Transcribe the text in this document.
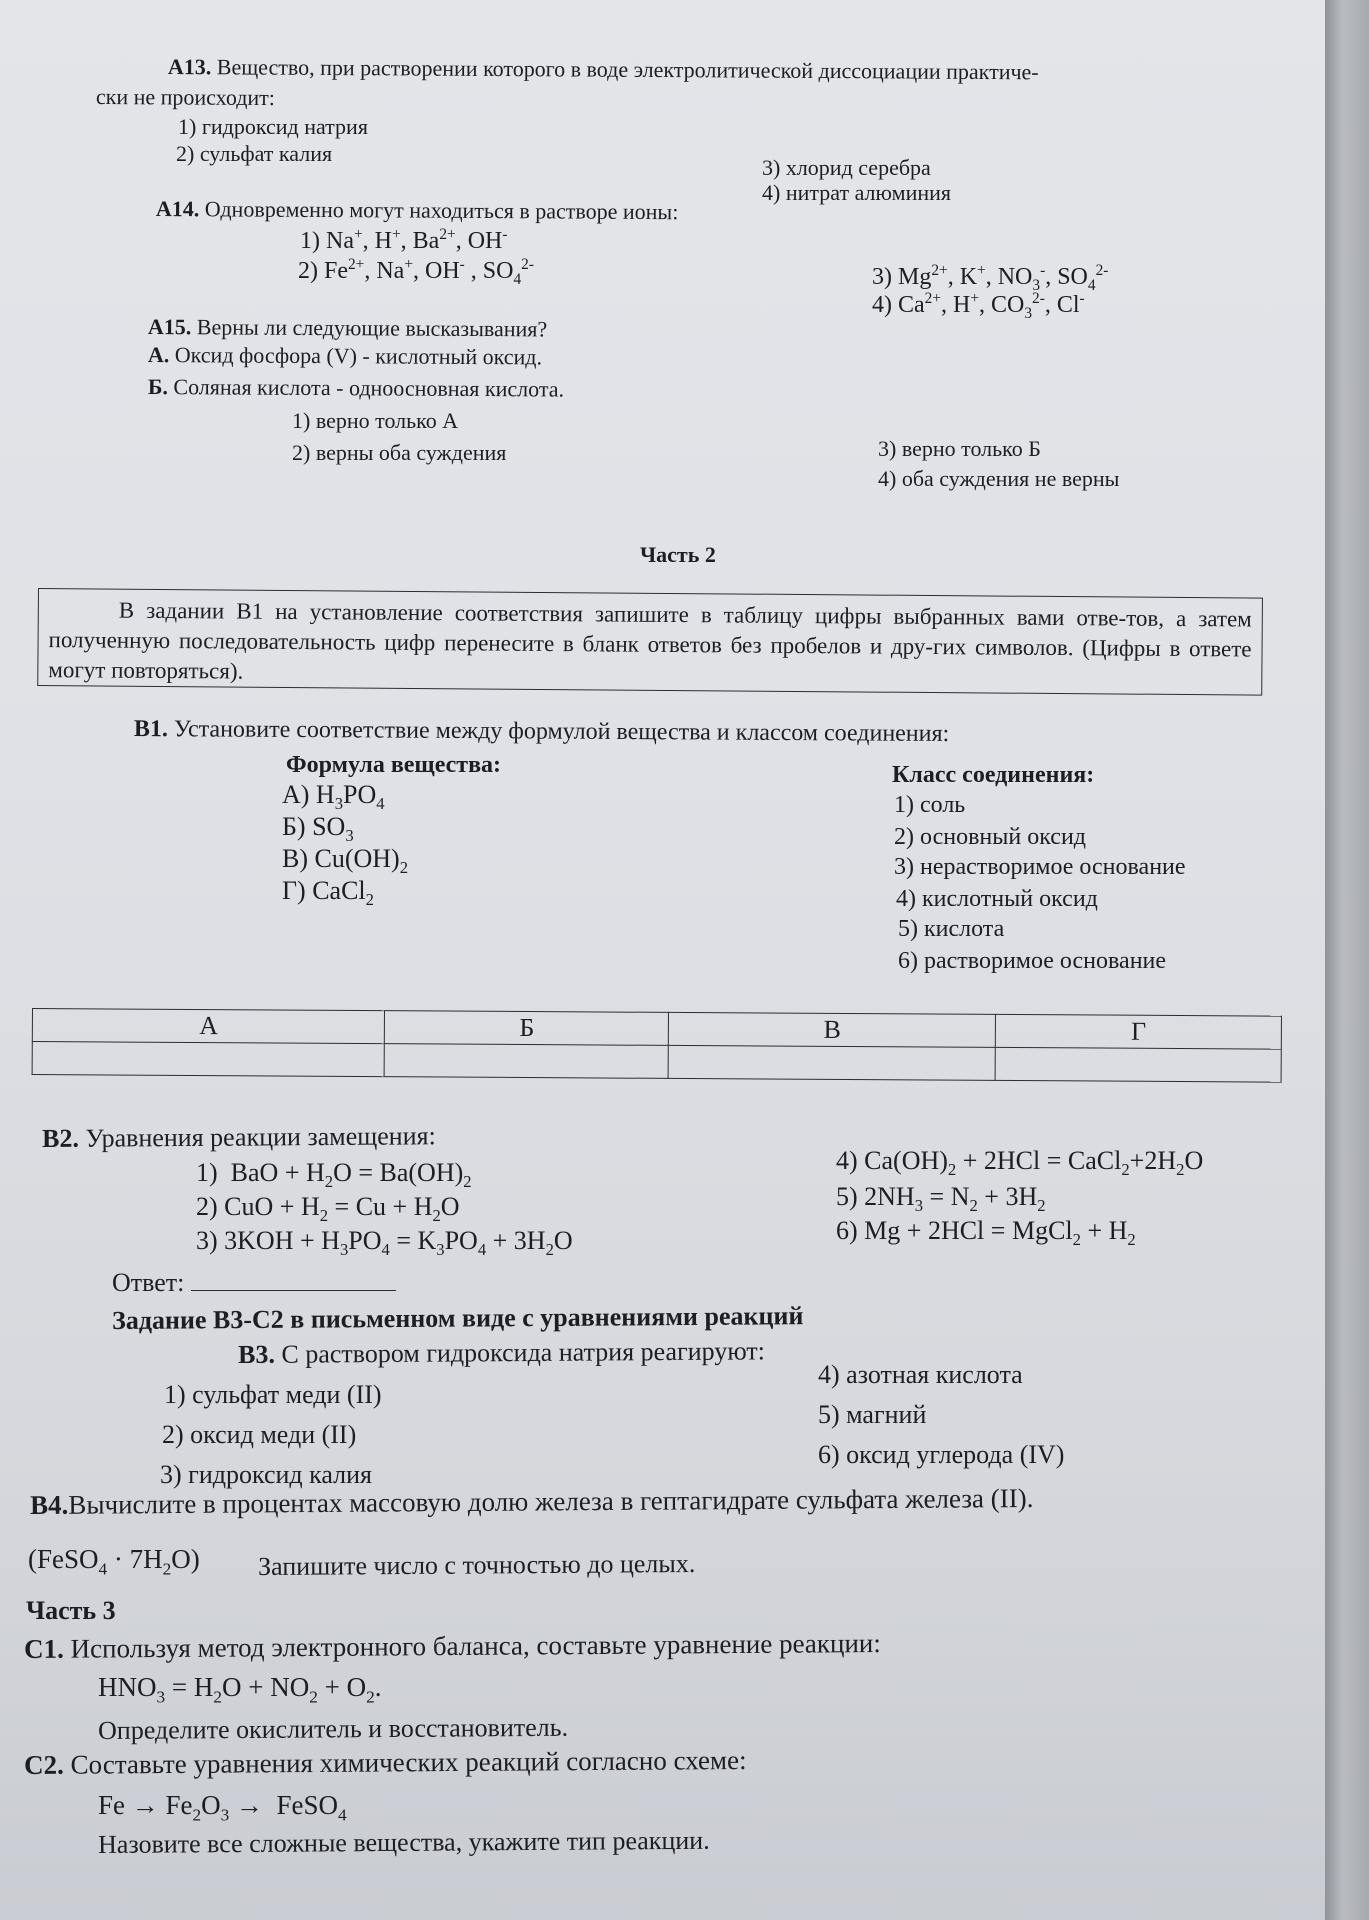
А13. Вещество, при растворении которого в воде электролитической диссоциации практиче-
ски не происходит:
1) гидроксид натрия
2) сульфат калия
3) хлорид серебра
4) нитрат алюминия
А14. Одновременно могут находиться в растворе ионы:
1) Na+, H+, $Ba^{2+}$, OH-
2) $Fe^{2+}$, Na+, OH- , $SO_4^{2-}$	3) $Mg^{2+}$, K+, $NO_3^-$, $SO_4^{2-}$
4) $Ca^{2+}$, H+, $CO_3^{2-}$, Cl-
А15. Верны ли следующие высказывания?
А. Оксид фосфора (V) - кислотный оксид.
Б. Соляная кислота - одноосновная кислота.
1) верно только А
2) верны оба суждения	3) верно только Б
4) оба суждения не верны
Часть 2

В задании В1 на установление соответствия запишите в таблицу цифры выбранных вами отве-тов, а затем полученную последовательность цифр перенесите в бланк ответов без пробелов и дру-гих символов. (Цифры в ответе могут повторяться).

В1. Установите соответствие между формулой вещества и классом соединения:
Формула вещества:	Класс соединения:
А) $H_3PO_4$
Б) $SO_3$
В) $Cu(OH)_2$
Г) CaCl$_2$
1) соль
2) основный оксид
3) нерастворимое основание
4) кислотный оксид
5) кислота
6) растворимое основание
А	Б	В	Г

В2. Уравнения реакции замещения:
1)  BaO + $H_2O = Ba(OH)_2$
2) CuO + $H_2 = Cu + H_2O$
3) $3KOH + H_3PO_4 = K_3PO_4 + 3H_2O$
4) $Ca(OH)_2 + 2HCl$ = $CaCl_2+2H_2O$
5) $2NH_3 = N_2 + 3H_2$
6) Mg + 2HCl = MgCl$_2$ + $H_2$
Ответ:
Задание В3-С2 в письменном виде с уравнениями реакций
В3. С раствором гидроксида натрия реагируют:
1) сульфат меди (II)
2) оксид меди (II)
3) гидроксид калия
4) азотная кислота
5) магний
6) оксид углерода (IV)
В4.Вычислите в процентах массовую долю железа в гептагидрате сульфата железа (II).
(FeSO$_4$ · $7H_2O$) Запишите число с точностью до целых.
Часть 3
С1. Используя метод электронного баланса, составьте уравнение реакции:
$HNO_3 = H_2O + NO_2 + O_2$.
Определите окислитель и восстановитель.
С2. Составьте уравнения химических реакций согласно схеме:
$Fe \to Fe_2O_3$ →  FeSO$_4$
Назовите все сложные вещества, укажите тип реакции.
